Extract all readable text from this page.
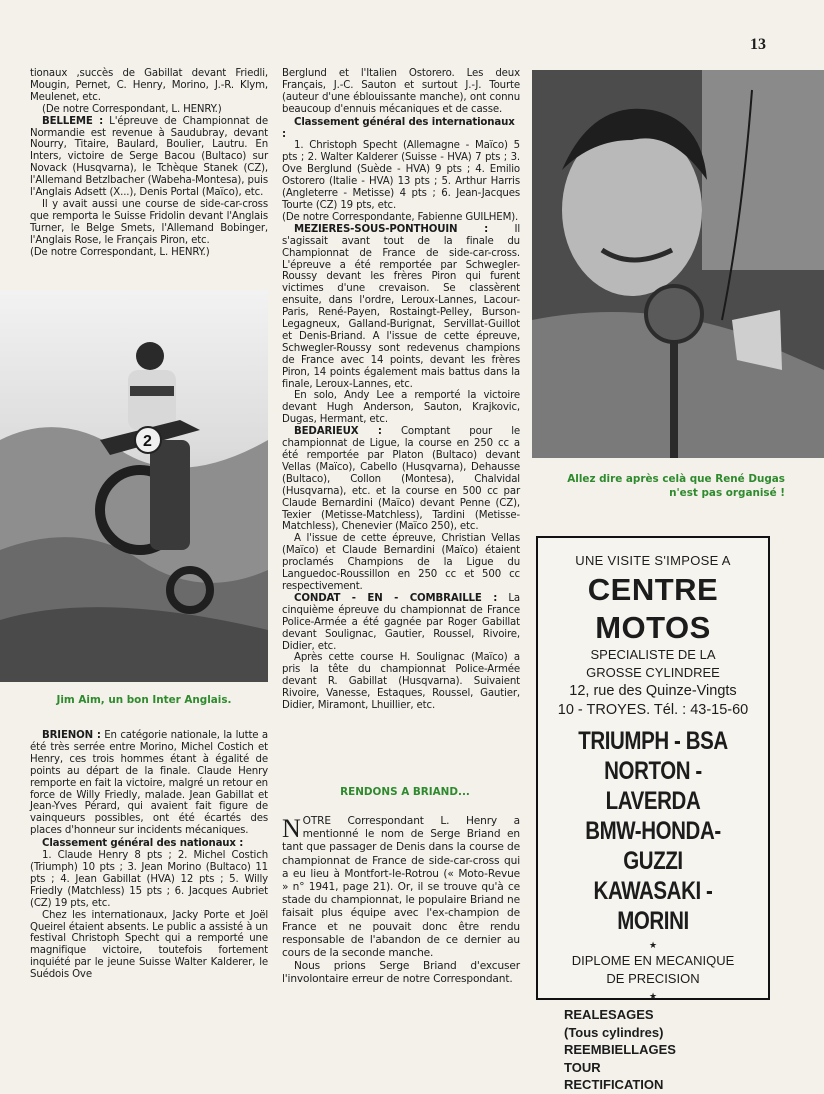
13

tionaux ,succès de Gabillat devant Friedli, Mougin, Pernet, C. Henry, Morino, J.-R. Klym, Meulenet, etc.

(De notre Correspondant, L. HENRY.)

BELLEME : L'épreuve de Championnat de Normandie est revenue à Saudubray, devant Nourry, Titaire, Baulard, Boulier, Lautru. En Inters, victoire de Serge Bacou (Bultaco) sur Novack (Husqvarna), le Tchèque Stanek (CZ), l'Allemand Betzlbacher (Wabeha-Montesa), puis l'Anglais Adsett (X...), Denis Portal (Maïco), etc.

Il y avait aussi une course de side-car-cross que remporta le Suisse Fridolin devant l'Anglais Turner, le Belge Smets, l'Allemand Bobinger, l'Anglais Rose, le Français Piron, etc.

(De notre Correspondant, L. HENRY.)

2
Jim Aim, un bon Inter Anglais.

BRIENON : En catégorie nationale, la lutte a été très serrée entre Morino, Michel Costich et Henry, ces trois hommes étant à égalité de points au départ de la finale. Claude Henry remporte en fait la victoire, malgré un retour en force de Willy Friedly, malade. Jean Gabillat et Jean-Yves Pérard, qui avaient fait figure de vainqueurs possibles, ont été écartés des places d'honneur sur incidents mécaniques.

Classement général des nationaux :

1. Claude Henry 8 pts ; 2. Michel Costich (Triumph) 10 pts ; 3. Jean Morino (Bultaco) 11 pts ; 4. Jean Gabillat (HVA) 12 pts ; 5. Willy Friedly (Matchless) 15 pts ; 6. Jacques Aubriet (CZ) 19 pts, etc.

Chez les internationaux, Jacky Porte et Joël Queirel étaient absents. Le public a assisté à un festival Christoph Specht qui a remporté une magnifique victoire, toutefois fortement inquiété par le jeune Suisse Walter Kalderer, le Suédois Ove

Berglund et l'Italien Ostorero. Les deux Français, J.-C. Sauton et surtout J.-J. Tourte (auteur d'une éblouissante manche), ont connu beaucoup d'ennuis mécaniques et de casse.

Classement général des internationaux :

1. Christoph Specht (Allemagne - Maïco) 5 pts ; 2. Walter Kalderer (Suisse - HVA) 7 pts ; 3. Ove Berglund (Suède - HVA) 9 pts ; 4. Emilio Ostorero (Italie - HVA) 13 pts ; 5. Arthur Harris (Angleterre - Metisse) 4 pts ; 6. Jean-Jacques Tourte (CZ) 19 pts, etc.

(De notre Correspondante, Fabienne GUILHEM).

MEZIERES-SOUS-PONTHOUIN : Il s'agissait avant tout de la finale du Championnat de France de side-car-cross. L'épreuve a été remportée par Schwegler-Roussy devant les frères Piron qui furent victimes d'une crevaison. Se classèrent ensuite, dans l'ordre, Leroux-Lannes, Lacour-Paris, René-Payen, Rostaingt-Pelley, Burson-Legagneux, Galland-Burignat, Servillat-Guillot et Denis-Briand. A l'issue de cette épreuve, Schwegler-Roussy sont redevenus champions de France avec 14 points, devant les frères Piron, 14 points également mais battus dans la finale, Leroux-Lannes, etc.

En solo, Andy Lee a remporté la victoire devant Hugh Anderson, Sauton, Krajkovic, Dugas, Hermant, etc.

BEDARIEUX : Comptant pour le championnat de Ligue, la course en 250 cc a été remportée par Platon (Bultaco) devant Vellas (Maïco), Cabello (Husqvarna), Dehausse (Bultaco), Collon (Montesa), Chalvidal (Husqvarna), etc. et la course en 500 cc par Claude Bernardini (Maïco) devant Penne (CZ), Texier (Metisse-Matchless), Tardini (Metisse-Matchless), Chenevier (Maïco 250), etc.

A l'issue de cette épreuve, Christian Vellas (Maïco) et Claude Bernardini (Maïco) étaient proclamés Champions de la Ligue du Languedoc-Roussillon en 250 cc et 500 cc respectivement.

CONDAT - EN - COMBRAILLE : La cinquième épreuve du championnat de France Police-Armée a été gagnée par Roger Gabillat devant Soulignac, Gautier, Roussel, Rivoire, Didier, etc.

Après cette course H. Soulignac (Maïco) a pris la tête du championnat Police-Armée devant R. Gabillat (Husqvarna). Suivaient Rivoire, Vanesse, Estaques, Roussel, Gautier, Didier, Miramont, Lhuillier, etc.

RENDONS A BRIAND...

NOTRE Correspondant L. Henry a mentionné le nom de Serge Briand en tant que passager de Denis dans la course de championnat de France de side-car-cross qui a eu lieu à Montfort-le-Rotrou (« Moto-Revue » n° 1941, page 21). Or, il se trouve qu'à ce stade du championnat, le populaire Briand ne faisait plus équipe avec l'ex-champion de France et ne pouvait donc être rendu responsable de l'abandon de ce dernier au cours de la seconde manche.

Nous prions Serge Briand d'excuser l'involontaire erreur de notre Correspondant.

Allez dire après celà que René Dugas n'est pas organisé !
UNE VISITE S'IMPOSE A
CENTRE
MOTOS
SPECIALISTE DE LA
GROSSE CYLINDREE
12, rue des Quinze-Vingts
10 - TROYES. Tél. : 43-15-60
TRIUMPH - BSA
NORTON - LAVERDA
BMW-HONDA-GUZZI
KAWASAKI - MORINI
★
DIPLOME EN MECANIQUE
DE PRECISION
★
REALESAGES
(Tous cylindres)
REEMBIELLAGES
TOUR
RECTIFICATION
